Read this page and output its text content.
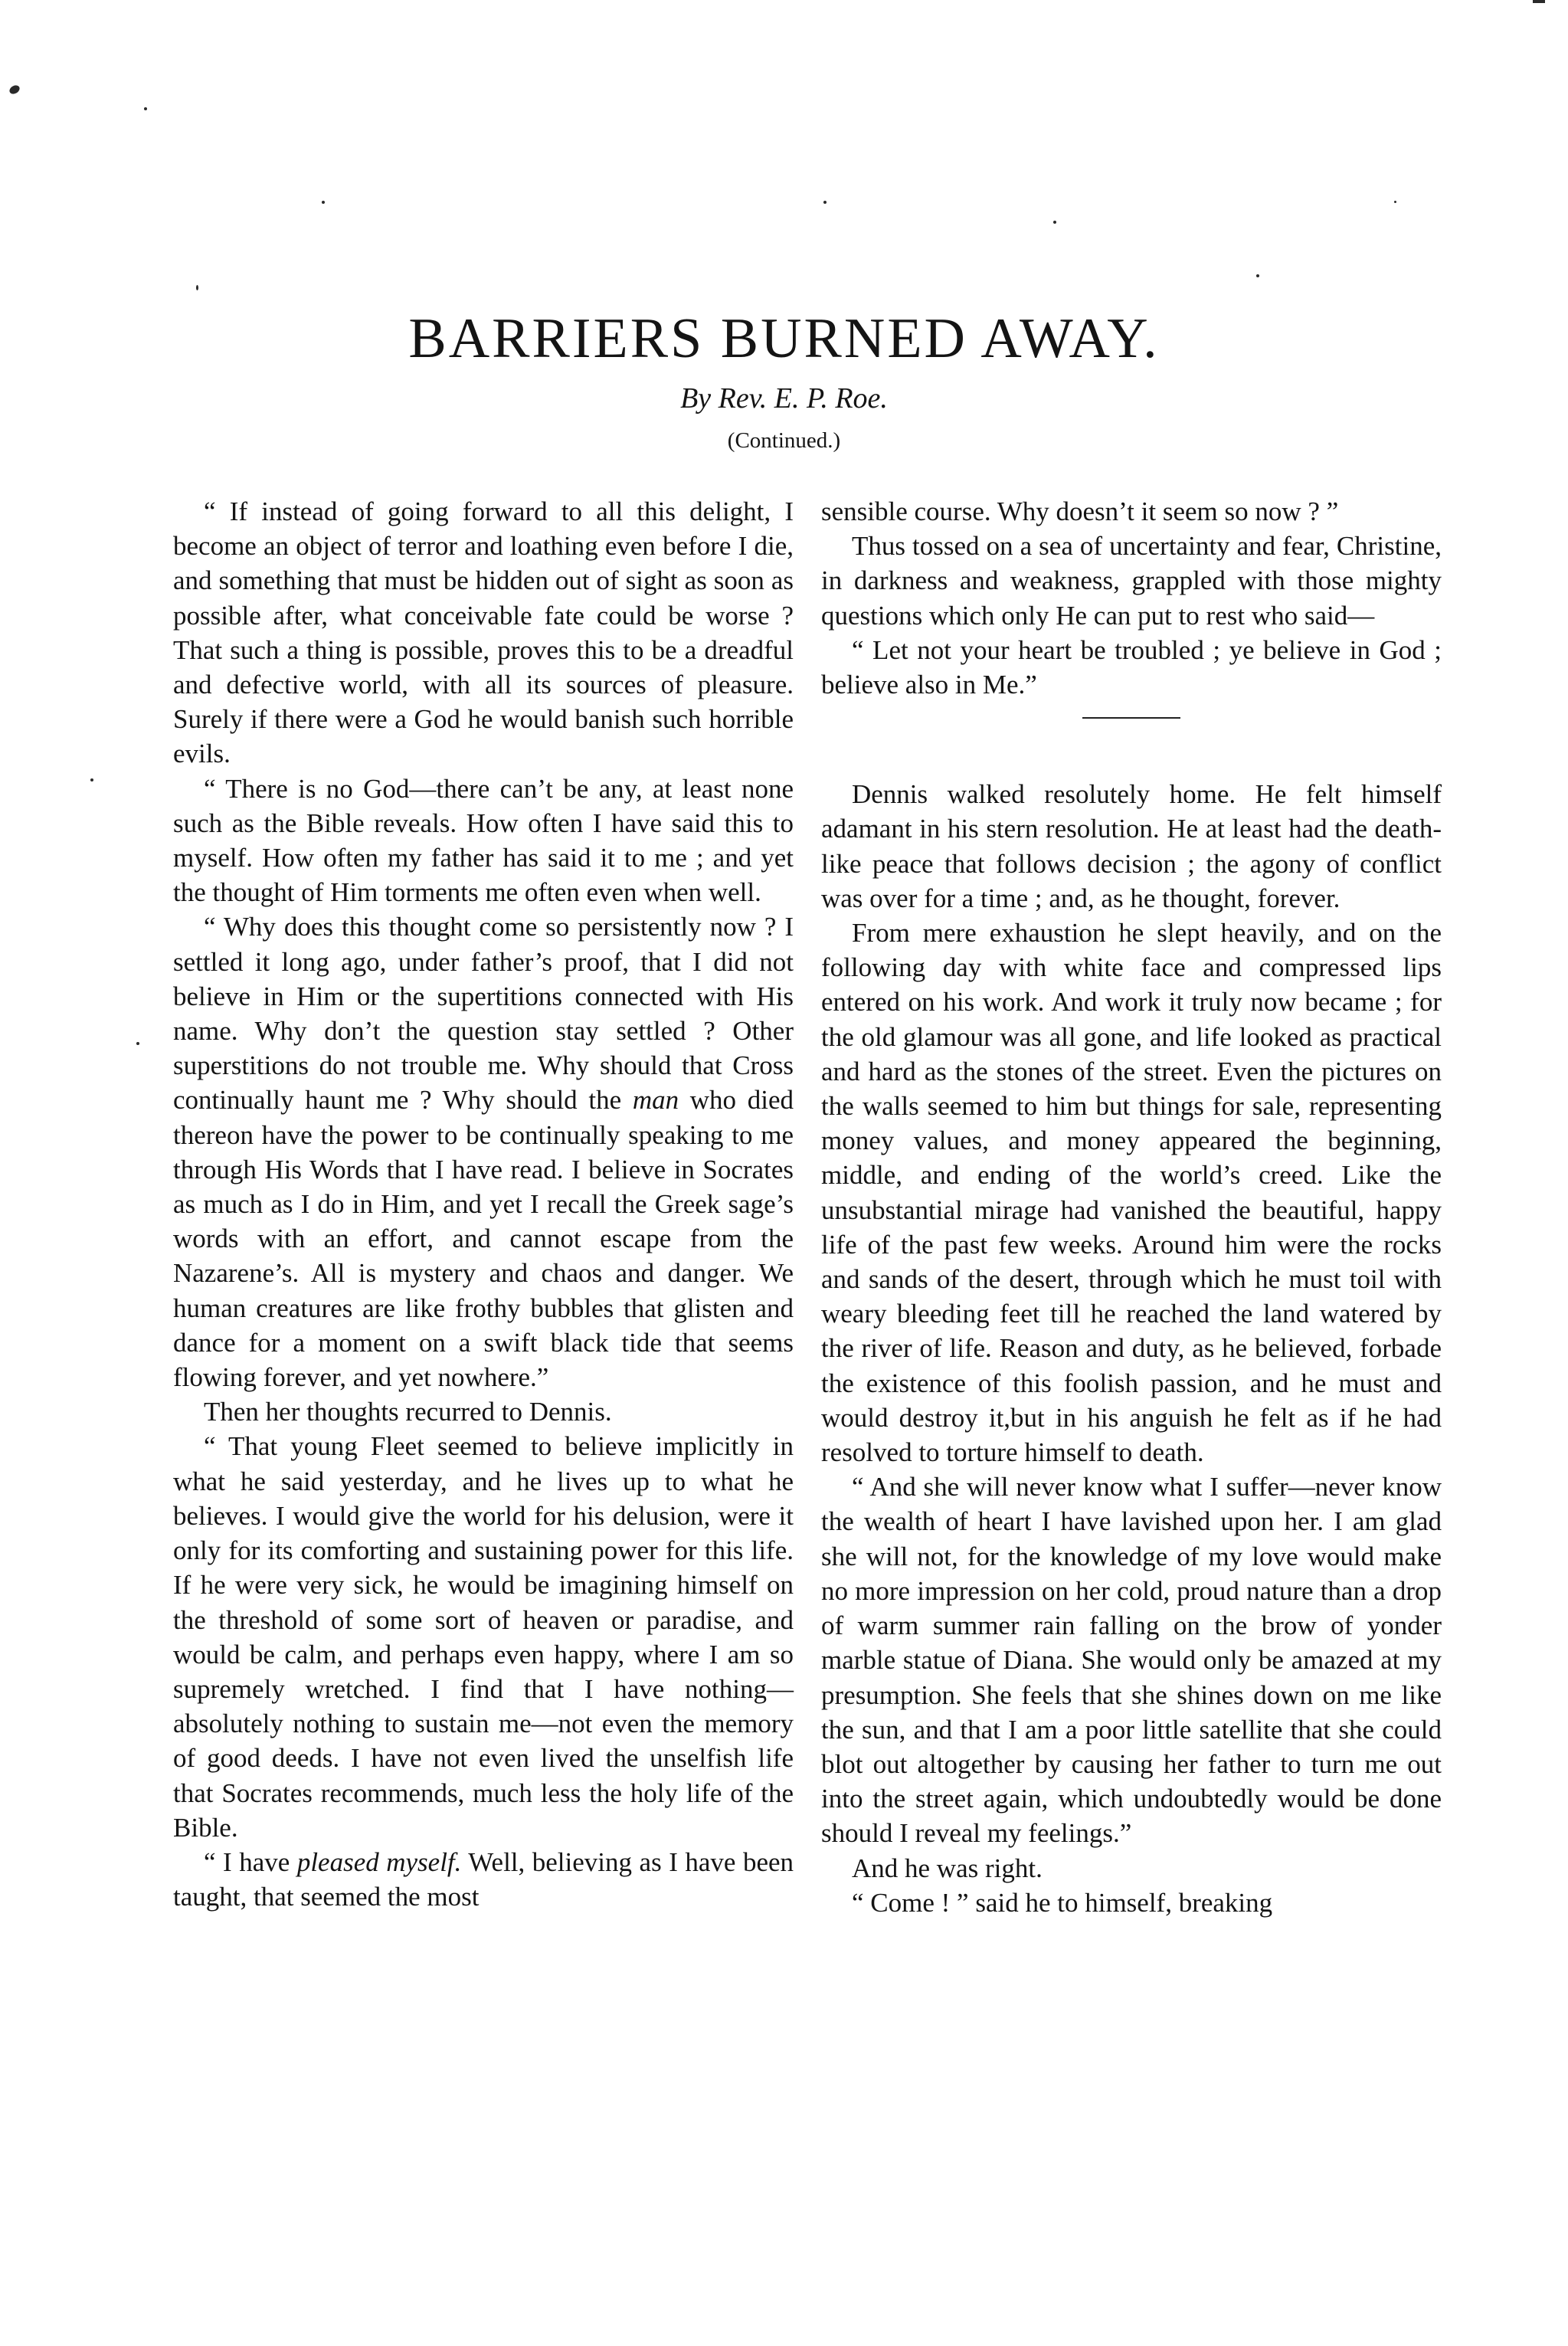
BARRIERS BURNED AWAY.
By Rev. E. P. Roe.
(Continued.)

“ If instead of going forward to all this delight, I become an object of terror and loathing even before I die, and something that must be hidden out of sight as soon as possible after, what conceivable fate could be worse ? That such a thing is possible, proves this to be a dreadful and defective world, with all its sources of pleasure. Surely if there were a God he would banish such horrible evils.

“ There is no God—there can’t be any, at least none such as the Bible reveals. How often I have said this to myself. How often my father has said it to me ; and yet the thought of Him torments me often even when well.

“ Why does this thought come so persistently now ? I settled it long ago, under father’s proof, that I did not believe in Him or the supertitions connected with His name. Why don’t the question stay settled ? Other superstitions do not trouble me. Why should that Cross continually haunt me ? Why should the man who died thereon have the power to be continually speaking to me through His Words that I have read. I believe in Socrates as much as I do in Him, and yet I recall the Greek sage’s words with an effort, and cannot escape from the Nazarene’s. All is mystery and chaos and danger. We human creatures are like frothy bubbles that glisten and dance for a moment on a swift black tide that seems flowing forever, and yet nowhere.”

Then her thoughts recurred to Dennis.

“ That young Fleet seemed to believe implicitly in what he said yesterday, and he lives up to what he believes. I would give the world for his delusion, were it only for its comforting and sustaining power for this life. If he were very sick, he would be imagining himself on the threshold of some sort of heaven or paradise, and would be calm, and perhaps even happy, where I am so supremely wretched. I find that I have nothing—absolutely nothing to sustain me—not even the memory of good deeds. I have not even lived the unselfish life that Socrates recommends, much less the holy life of the Bible.

“ I have pleased myself. Well, believing as I have been taught, that seemed the most

sensible course. Why doesn’t it seem so now ? ”

Thus tossed on a sea of uncertainty and fear, Christine, in darkness and weakness, grappled with those mighty questions which only He can put to rest who said—

“ Let not your heart be troubled ; ye believe in God ; believe also in Me.”

Dennis walked resolutely home. He felt himself adamant in his stern resolution. He at least had the death-like peace that follows decision ; the agony of conflict was over for a time ; and, as he thought, forever.

From mere exhaustion he slept heavily, and on the following day with white face and compressed lips entered on his work. And work it truly now became ; for the old glamour was all gone, and life looked as practical and hard as the stones of the street. Even the pictures on the walls seemed to him but things for sale, representing money values, and money appeared the beginning, middle, and ending of the world’s creed. Like the unsubstantial mirage had vanished the beautiful, happy life of the past few weeks. Around him were the rocks and sands of the desert, through which he must toil with weary bleeding feet till he reached the land watered by the river of life. Reason and duty, as he believed, forbade the existence of this foolish passion, and he must and would destroy it,but in his anguish he felt as if he had resolved to torture himself to death.

“ And she will never know what I suffer—never know the wealth of heart I have lavished upon her. I am glad she will not, for the knowledge of my love would make no more impression on her cold, proud nature than a drop of warm summer rain falling on the brow of yonder marble statue of Diana. She would only be amazed at my presumption. She feels that she shines down on me like the sun, and that I am a poor little satellite that she could blot out altogether by causing her father to turn me out into the street again, which undoubtedly would be done should I reveal my feelings.”

And he was right.

“ Come ! ” said he to himself, breaking
